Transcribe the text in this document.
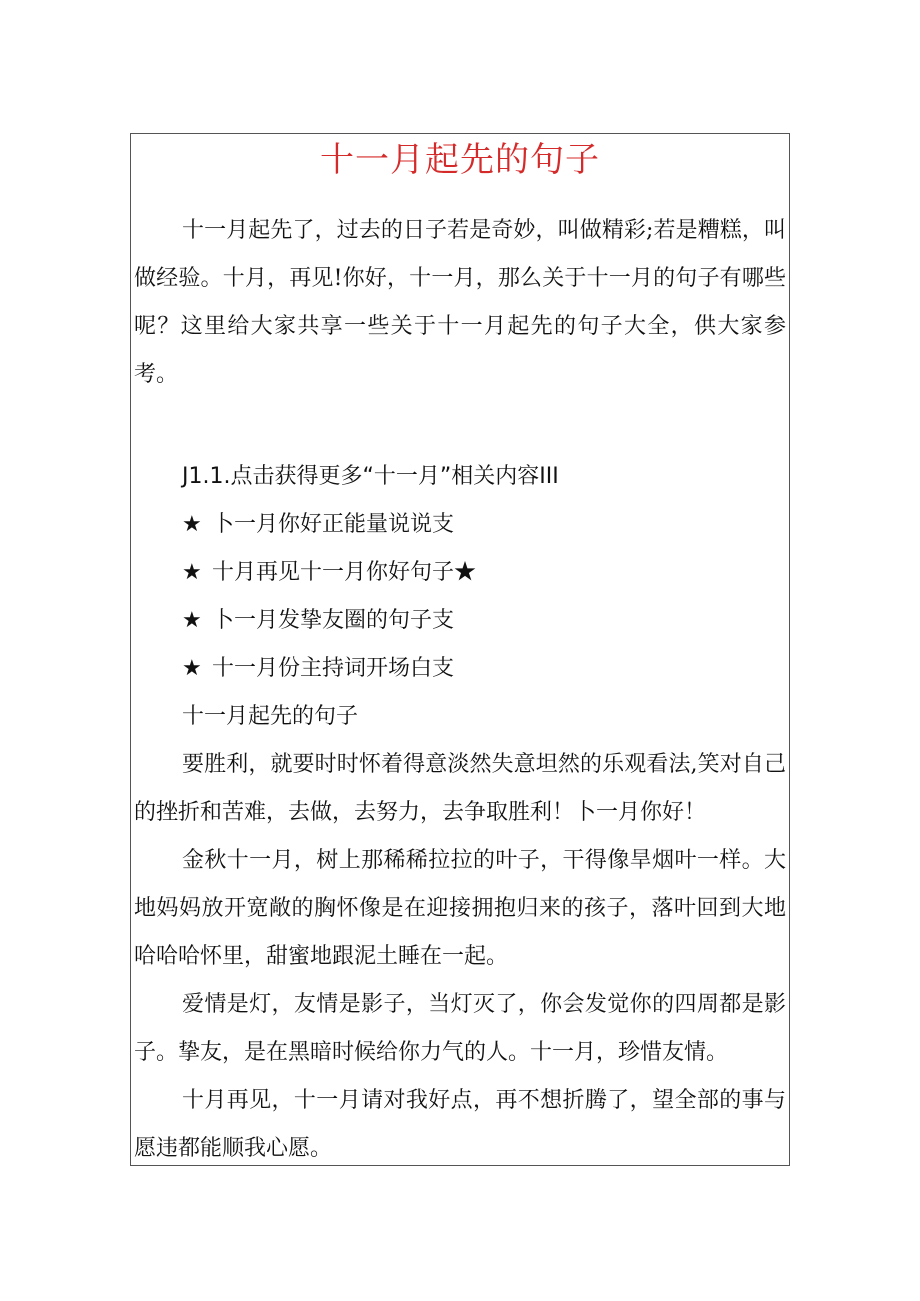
十一月起先的句子

十一月起先了，过去的日子若是奇妙，叫做精彩;若是糟糕，叫做经验。十月，再见!你好，十一月，那么关于十一月的句子有哪些呢？这里给大家共享一些关于十一月起先的句子大全，供大家参考。

J1.1.点击获得更多“十一月”相关内容III
★ 卜一月你好正能量说说支
★ 十月再见十一月你好句子★
★ 卜一月发挚友圈的句子支
★ 十一月份主持词开场白支
十一月起先的句子

要胜利，就要时时怀着得意淡然失意坦然的乐观看法,笑对自己的挫折和苦难，去做，去努力，去争取胜利！卜一月你好！

金秋十一月，树上那稀稀拉拉的叶子，干得像旱烟叶一样。大地妈妈放开宽敞的胸怀像是在迎接拥抱归来的孩子，落叶回到大地哈哈哈怀里，甜蜜地跟泥土睡在一起。

爱情是灯，友情是影子，当灯灭了，你会发觉你的四周都是影子。挚友，是在黑暗时候给你力气的人。十一月，珍惜友情。

十月再见，十一月请对我好点，再不想折腾了，望全部的事与愿违都能顺我心愿。
